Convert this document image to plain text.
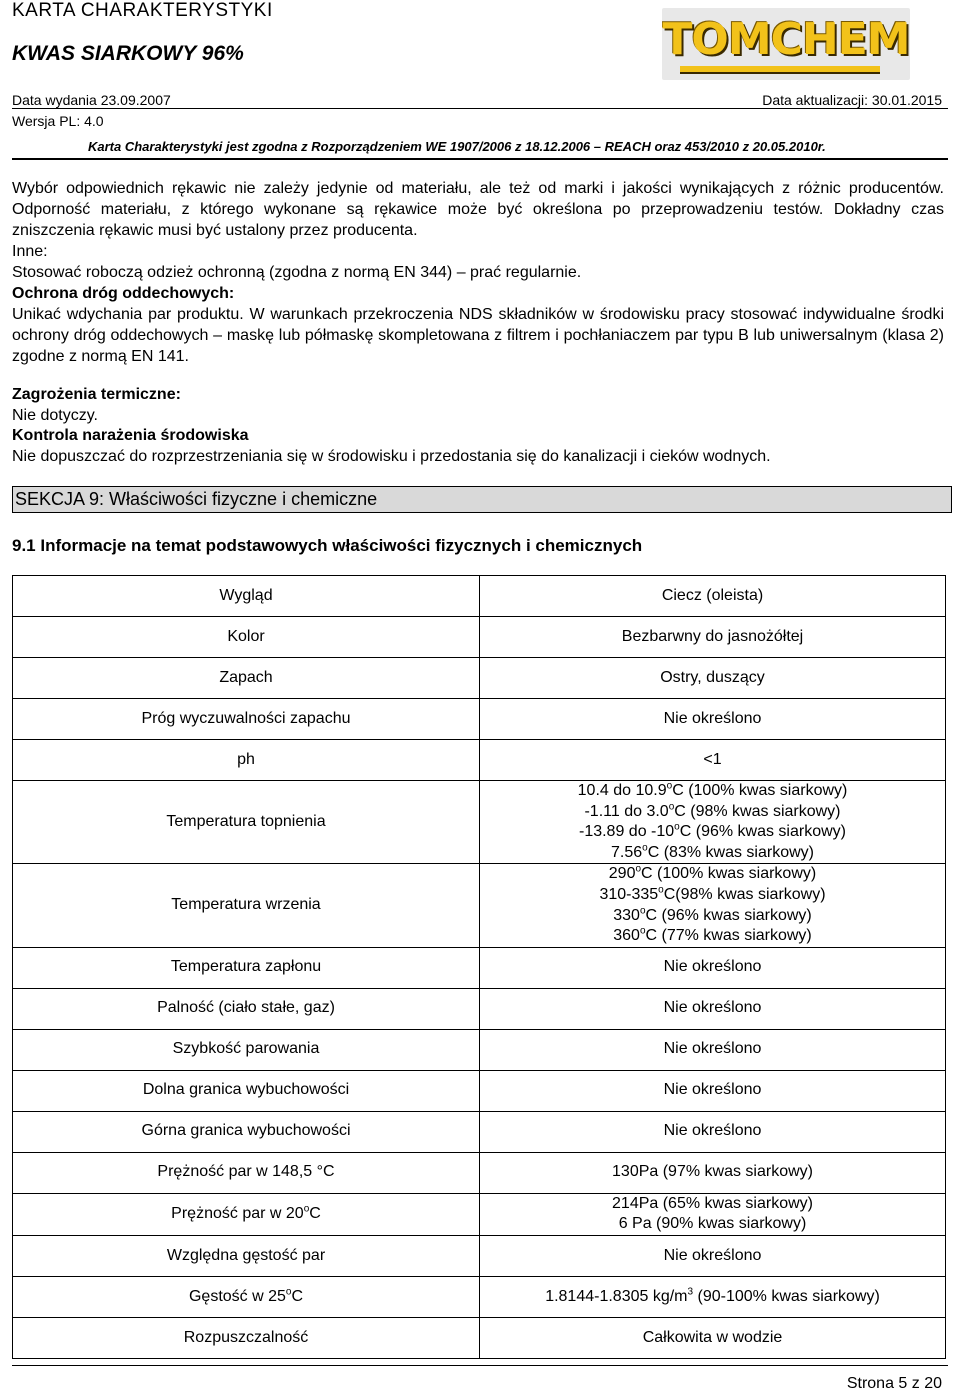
KARTA CHARAKTERYSTYKI
KWAS SIARKOWY 96%	TOMCHEM
Data wydania 23.09.2007	Data aktualizacji: 30.01.2015
Wersja PL: 4.0
Karta Charakterystyki jest zgodna z Rozporządzeniem WE 1907/2006 z 18.12.2006 – REACH oraz 453/2010 z 20.05.2010r.
Wybór odpowiednich rękawic nie zależy jedynie od materiału, ale też od marki i jakości wynikających z różnic producentów. Odporność materiału, z którego wykonane są rękawice może być określona po przeprowadzeniu testów. Dokładny czas zniszczenia rękawic musi być ustalony przez producenta.
Inne:
Stosować roboczą odzież ochronną (zgodna z normą EN 344) – prać regularnie.
Ochrona dróg oddechowych:
Unikać wdychania par produktu. W warunkach przekroczenia NDS składników w środowisku pracy stosować indywidualne środki ochrony dróg oddechowych – maskę lub półmaskę skompletowana z filtrem i pochłaniaczem par typu B lub uniwersalnym (klasa 2) zgodne z normą EN 141.
Zagrożenia termiczne:
Nie dotyczy.
Kontrola narażenia środowiska
Nie dopuszczać do rozprzestrzeniania się w środowisku i przedostania się do kanalizacji i cieków wodnych.
SEKCJA 9: Właściwości fizyczne i chemiczne
9.1 Informacje na temat podstawowych właściwości fizycznych i chemicznych
Wygląd	Ciecz (oleista)
Kolor	Bezbarwny do jasnożółtej
Zapach	Ostry, duszący
Próg wyczuwalności zapachu	Nie określono
ph	<1
Temperatura topnienia	10.4 do 10.9$^o$C (100% kwas siarkowy)
-1.11 do 3.0$^o$C (98% kwas siarkowy)
-13.89 do -10$^o$C (96% kwas siarkowy)
7.56$^o$C (83% kwas siarkowy)

Temperatura wrzenia	290$^o$C (100% kwas siarkowy)
310-335$^o$C(98% kwas siarkowy)
330$^o$C (96% kwas siarkowy)
360$^o$C (77% kwas siarkowy)

Temperatura zapłonu	Nie określono
Palność (ciało stałe, gaz)	Nie określono
Szybkość parowania	Nie określono
Dolna granica wybuchowości	Nie określono
Górna granica wybuchowości	Nie określono
Prężność par w 148,5 °C	130Pa (97% kwas siarkowy)
Prężność par w 20$^o$C	214Pa (65% kwas siarkowy)
6 Pa (90% kwas siarkowy)

Względna gęstość par	Nie określono
Gęstość w 25$^o$C	1.8144-1.8305 $kg/m^3$ (90-100% kwas siarkowy)
Rozpuszczalność	Całkowita w wodzie
Strona 5 z 20
